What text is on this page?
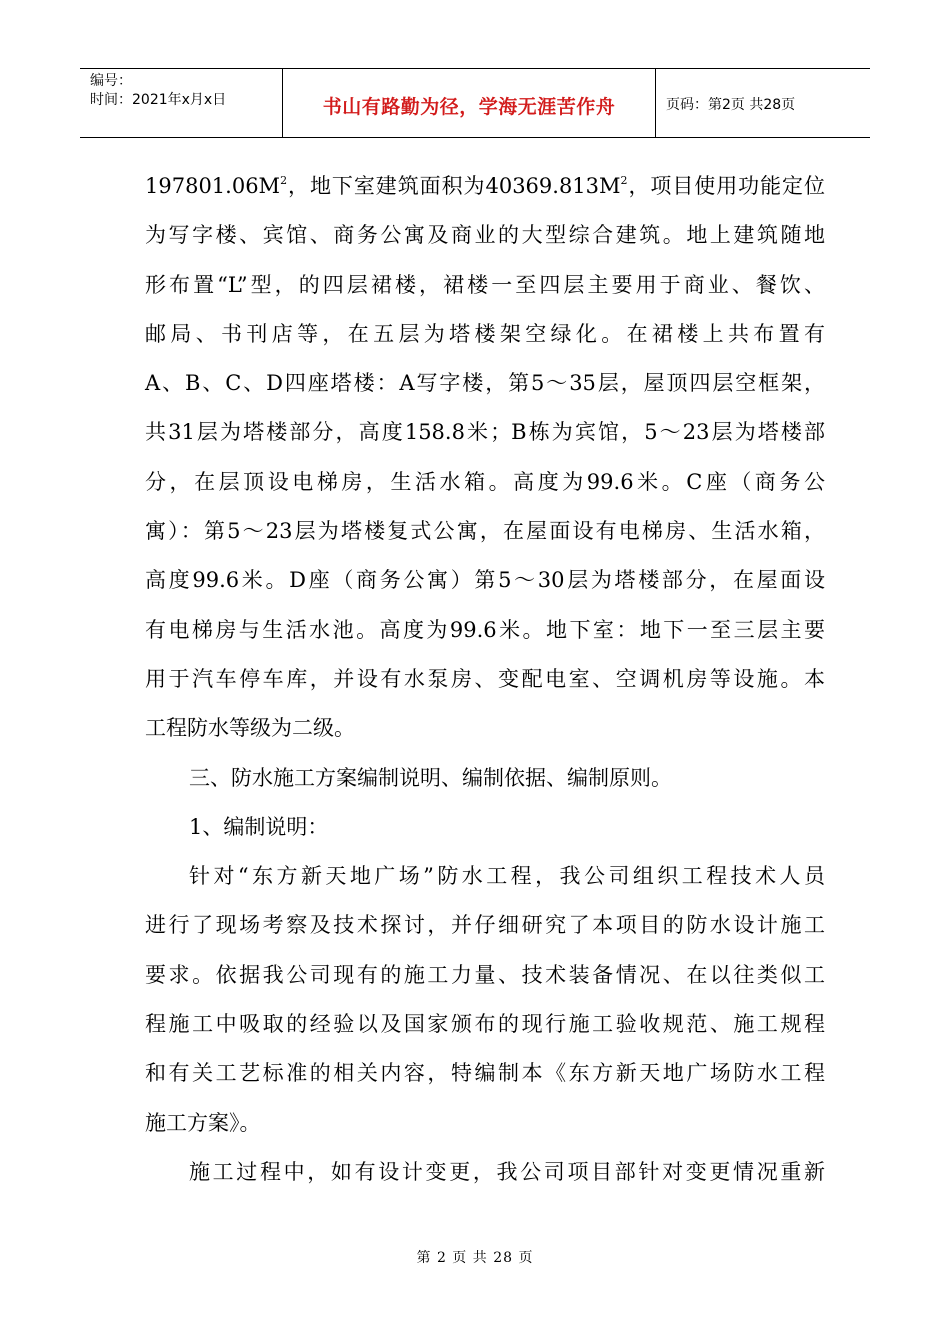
编号：
时间：2021年x月x日	书山有路勤为径，学海无涯苦作舟	页码：第2页 共28页
$197801.06M^2$，地下室建筑面积为$40369.813M^2$，项目使用功能定位
为写字楼、宾馆、商务公寓及商业的大型综合建筑。地上建筑随地
形布置“L”型，的四层裙楼，裙楼一至四层主要用于商业、餐饮、
邮局、书刊店等，在五层为塔楼架空绿化。在裙楼上共布置有
A、B、C、D四座塔楼：A写字楼，第5～35层，屋顶四层空框架，
共31层为塔楼部分，高度158.8米；B栋为宾馆，5～23层为塔楼部
分，在层顶设电梯房，生活水箱。高度为99.6米。C座（商务公
寓）：第5～23层为塔楼复式公寓，在屋面设有电梯房、生活水箱，
高度99.6米。D座（商务公寓）第5～30层为塔楼部分，在屋面设
有电梯房与生活水池。高度为99.6米。地下室：地下一至三层主要
用于汽车停车库，并设有水泵房、变配电室、空调机房等设施。本
工程防水等级为二级。
三、防水施工方案编制说明、编制依据、编制原则。
1、编制说明：
针对“东方新天地广场”防水工程，我公司组织工程技术人员
进行了现场考察及技术探讨，并仔细研究了本项目的防水设计施工
要求。依据我公司现有的施工力量、技术装备情况、在以往类似工
程施工中吸取的经验以及国家颁布的现行施工验收规范、施工规程
和有关工艺标准的相关内容，特编制本《东方新天地广场防水工程
施工方案》。
施工过程中，如有设计变更，我公司项目部针对变更情况重新
第 2 页 共 28 页
